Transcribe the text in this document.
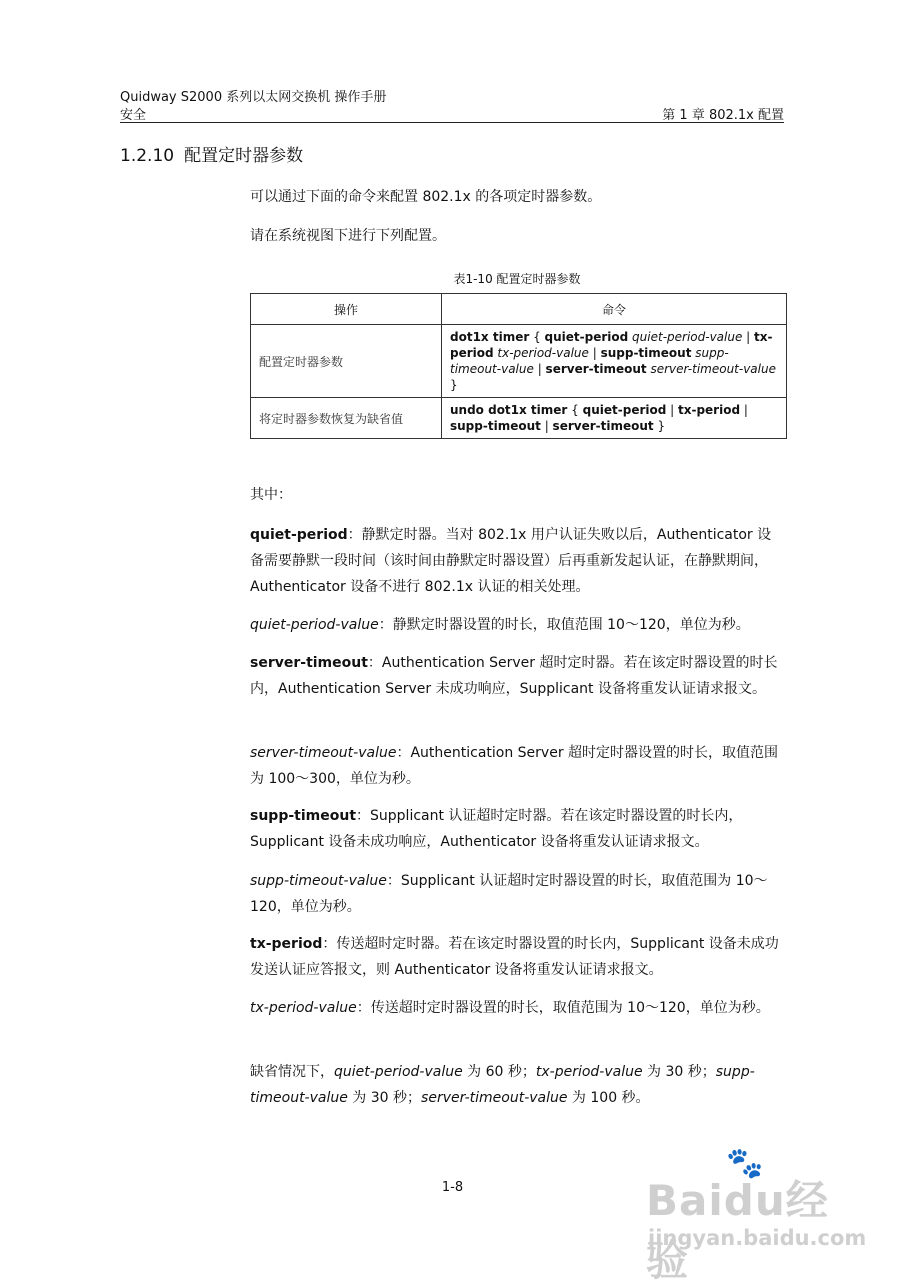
Quidway S2000 系列以太网交换机 操作手册
安全	第 1 章 802.1x 配置
1.2.10 配置定时器参数

可以通过下面的命令来配置 802.1x 的各项定时器参数。

请在系统视图下进行下列配置。

表1-10 配置定时器参数
操作	命令
配置定时器参数	dot1x timer { quiet-period quiet-period-value | tx-period tx-period-value | supp-timeout supp-timeout-value | server-timeout server-timeout-value }
将定时器参数恢复为缺省值	undo dot1x timer { quiet-period | tx-period | supp-timeout | server-timeout }

其中：

quiet-period：静默定时器。当对 802.1x 用户认证失败以后，Authenticator 设备需要静默一段时间（该时间由静默定时器设置）后再重新发起认证，在静默期间，Authenticator 设备不进行 802.1x 认证的相关处理。

quiet-period-value：静默定时器设置的时长，取值范围 10～120，单位为秒。

server-timeout：Authentication Server 超时定时器。若在该定时器设置的时长内，Authentication Server 未成功响应，Supplicant 设备将重发认证请求报文。

server-timeout-value：Authentication Server 超时定时器设置的时长，取值范围为 100～300，单位为秒。

supp-timeout：Supplicant 认证超时定时器。若在该定时器设置的时长内，Supplicant 设备未成功响应，Authenticator 设备将重发认证请求报文。

supp-timeout-value：Supplicant 认证超时定时器设置的时长，取值范围为 10～120，单位为秒。

tx-period：传送超时定时器。若在该定时器设置的时长内，Supplicant 设备未成功发送认证应答报文，则 Authenticator 设备将重发认证请求报文。

tx-period-value：传送超时定时器设置的时长，取值范围为 10～120，单位为秒。

缺省情况下，quiet-period-value 为 60 秒；tx-period-value 为 30 秒；supp-timeout-value 为 30 秒；server-timeout-value 为 100 秒。

1-8
🐾
Baidu经验
jingyan.baidu.com
